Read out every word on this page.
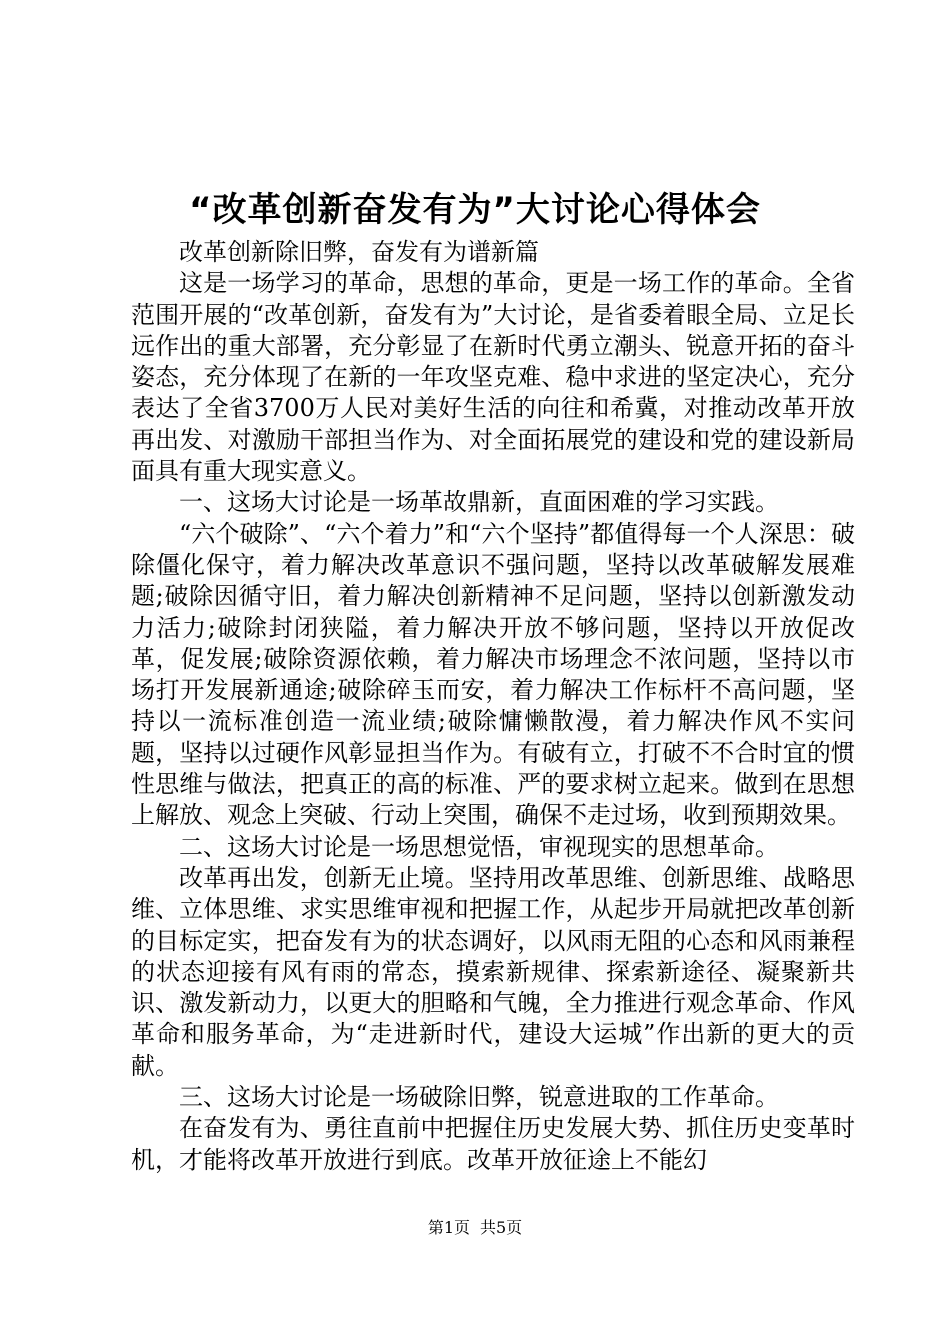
“改革创新奋发有为”大讨论心得体会

改革创新除旧弊，奋发有为谱新篇

这是一场学习的革命，思想的革命，更是一场工作的革命。全省范围开展的“改革创新，奋发有为”大讨论，是省委着眼全局、立足长远作出的重大部署，充分彰显了在新时代勇立潮头、锐意开拓的奋斗姿态，充分体现了在新的一年攻坚克难、稳中求进的坚定决心，充分表达了全省3700万人民对美好生活的向往和希冀，对推动改革开放再出发、对激励干部担当作为、对全面拓展党的建设和党的建设新局面具有重大现实意义。

一、这场大讨论是一场革故鼎新，直面困难的学习实践。

“六个破除”、“六个着力”和“六个坚持”都值得每一个人深思：破除僵化保守，着力解决改革意识不强问题，坚持以改革破解发展难题;破除因循守旧，着力解决创新精神不足问题，坚持以创新激发动力活力;破除封闭狭隘，着力解决开放不够问题，坚持以开放促改革，促发展;破除资源依赖，着力解决市场理念不浓问题，坚持以市场打开发展新通途;破除碎玉而安，着力解决工作标杆不高问题，坚持以一流标准创造一流业绩;破除慵懒散漫，着力解决作风不实问题，坚持以过硬作风彰显担当作为。有破有立，打破不不合时宜的惯性思维与做法，把真正的高的标准、严的要求树立起来。做到在思想上解放、观念上突破、行动上突围，确保不走过场，收到预期效果。

二、这场大讨论是一场思想觉悟，审视现实的思想革命。

改革再出发，创新无止境。坚持用改革思维、创新思维、战略思维、立体思维、求实思维审视和把握工作，从起步开局就把改革创新的目标定实，把奋发有为的状态调好，以风雨无阻的心态和风雨兼程的状态迎接有风有雨的常态，摸索新规律、探索新途径、凝聚新共识、激发新动力，以更大的胆略和气魄，全力推进行观念革命、作风革命和服务革命，为“走进新时代，建设大运城”作出新的更大的贡献。

三、这场大讨论是一场破除旧弊，锐意进取的工作革命。

在奋发有为、勇往直前中把握住历史发展大势、抓住历史变革时机，才能将改革开放进行到底。改革开放征途上不能幻

第1页 共5页
